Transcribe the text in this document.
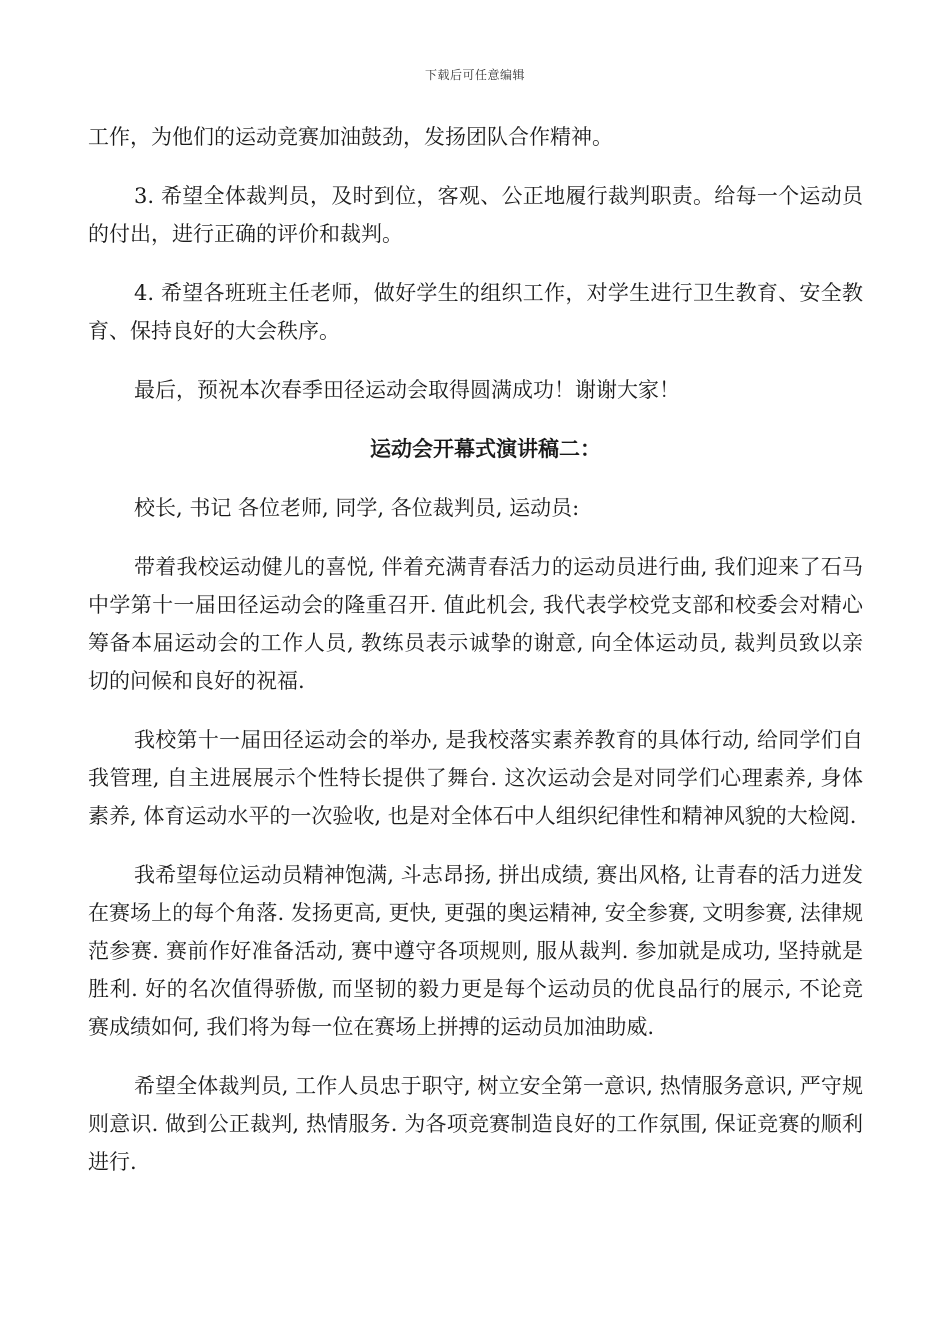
下载后可任意编辑

工作，为他们的运动竞赛加油鼓劲，发扬团队合作精神。

3. 希望全体裁判员，及时到位，客观、公正地履行裁判职责。给每一个运动员的付出，进行正确的评价和裁判。

4. 希望各班班主任老师，做好学生的组织工作，对学生进行卫生教育、安全教育、保持良好的大会秩序。

最后，预祝本次春季田径运动会取得圆满成功！谢谢大家！

运动会开幕式演讲稿二：

校长, 书记 各位老师, 同学, 各位裁判员, 运动员:

带着我校运动健儿的喜悦, 伴着充满青春活力的运动员进行曲, 我们迎来了石马中学第十一届田径运动会的隆重召开. 值此机会, 我代表学校党支部和校委会对精心筹备本届运动会的工作人员, 教练员表示诚挚的谢意, 向全体运动员, 裁判员致以亲切的问候和良好的祝福.

我校第十一届田径运动会的举办, 是我校落实素养教育的具体行动, 给同学们自我管理, 自主进展展示个性特长提供了舞台. 这次运动会是对同学们心理素养, 身体素养, 体育运动水平的一次验收, 也是对全体石中人组织纪律性和精神风貌的大检阅.

我希望每位运动员精神饱满, 斗志昂扬, 拼出成绩, 赛出风格, 让青春的活力迸发在赛场上的每个角落. 发扬更高, 更快, 更强的奥运精神, 安全参赛, 文明参赛, 法律规范参赛. 赛前作好准备活动, 赛中遵守各项规则, 服从裁判. 参加就是成功, 坚持就是胜利. 好的名次值得骄傲, 而坚韧的毅力更是每个运动员的优良品行的展示, 不论竞赛成绩如何, 我们将为每一位在赛场上拼搏的运动员加油助威.

希望全体裁判员, 工作人员忠于职守, 树立安全第一意识, 热情服务意识, 严守规则意识. 做到公正裁判, 热情服务. 为各项竞赛制造良好的工作氛围, 保证竞赛的顺利进行.
